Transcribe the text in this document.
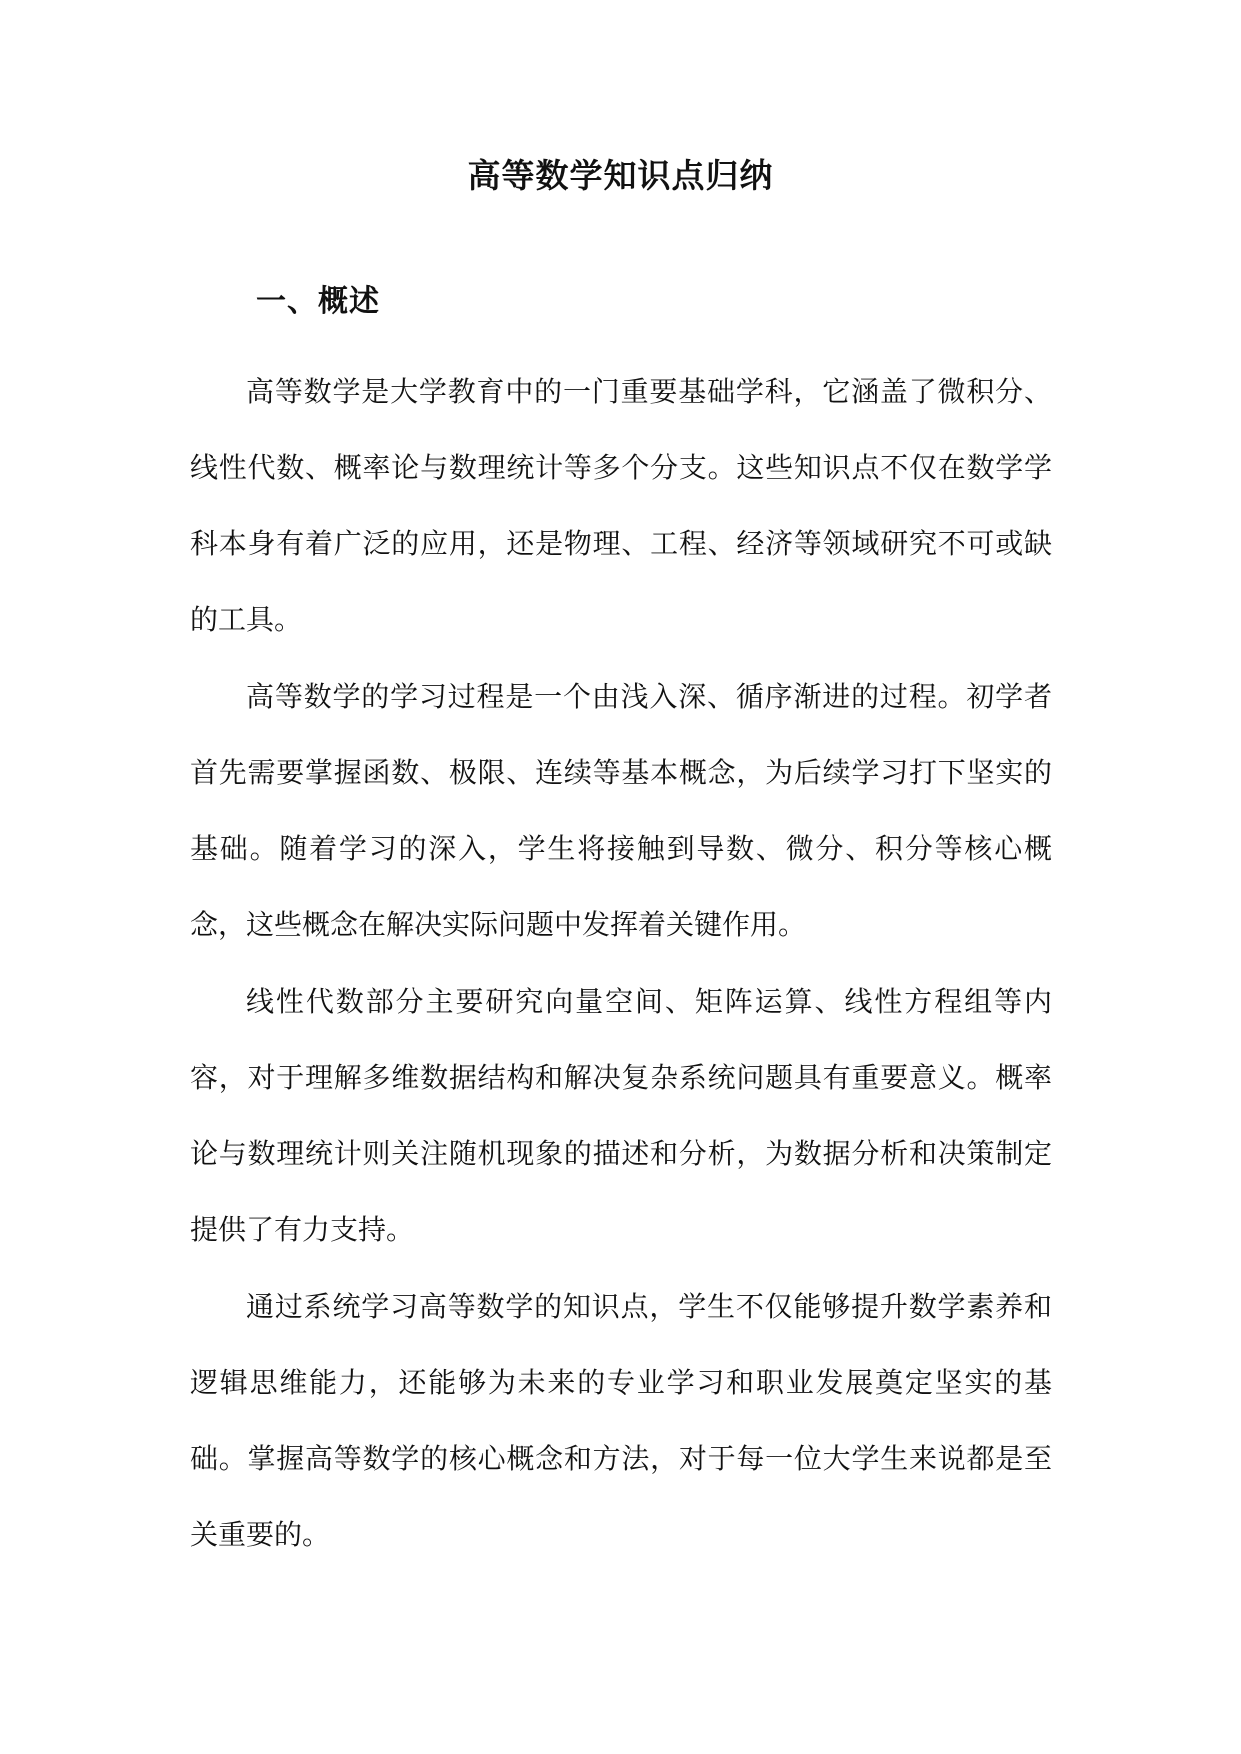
高等数学知识点归纳
一、概述

高等数学是大学教育中的一门重要基础学科，它涵盖了微积分、线性代数、概率论与数理统计等多个分支。这些知识点不仅在数学学科本身有着广泛的应用，还是物理、工程、经济等领域研究不可或缺的工具。

高等数学的学习过程是一个由浅入深、循序渐进的过程。初学者首先需要掌握函数、极限、连续等基本概念，为后续学习打下坚实的基础。随着学习的深入，学生将接触到导数、微分、积分等核心概念，这些概念在解决实际问题中发挥着关键作用。

线性代数部分主要研究向量空间、矩阵运算、线性方程组等内容，对于理解多维数据结构和解决复杂系统问题具有重要意义。概率论与数理统计则关注随机现象的描述和分析，为数据分析和决策制定提供了有力支持。

通过系统学习高等数学的知识点，学生不仅能够提升数学素养和逻辑思维能力，还能够为未来的专业学习和职业发展奠定坚实的基础。掌握高等数学的核心概念和方法，对于每一位大学生来说都是至关重要的。
